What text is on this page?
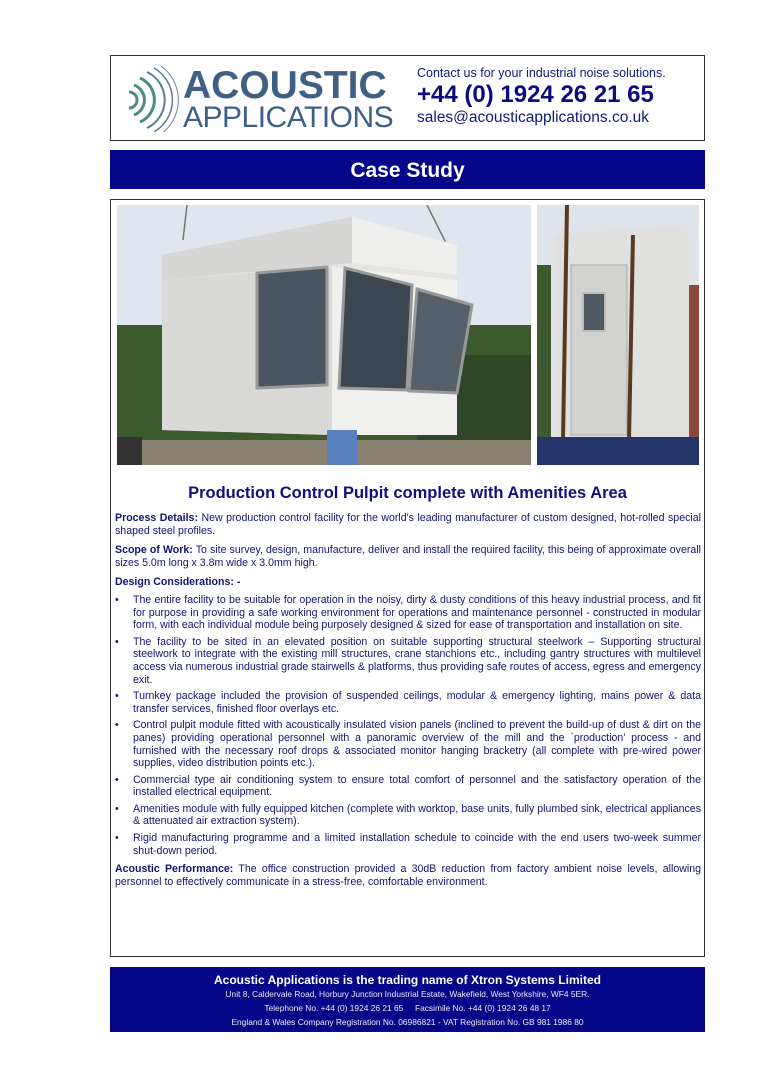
ACOUSTIC
APPLICATIONS
Contact us for your industrial noise solutions.
+44 (0) 1924 26 21 65
sales@acousticapplications.co.uk
Case Study
Production Control Pulpit complete with Amenities Area

Process Details: New production control facility for the world's leading manufacturer of custom designed, hot-rolled special shaped steel profiles.

Scope of Work: To site survey, design, manufacture, deliver and install the required facility, this being of approximate overall sizes 5.0m long x 3.8m wide x 3.0mm high.

Design Considerations: -

• The entire facility to be suitable for operation in the noisy, dirty & dusty conditions of this heavy industrial process, and fit for purpose in providing a safe working environment for operations and maintenance personnel - constructed in modular form, with each individual module being purposely designed & sized for ease of transportation and installation on site.
• The facility to be sited in an elevated position on suitable supporting structural steelwork – Supporting structural steelwork to integrate with the existing mill structures, crane stanchions etc., including gantry structures with multilevel access via numerous industrial grade stairwells & platforms, thus providing safe routes of access, egress and emergency exit.
• Turnkey package included the provision of suspended ceilings, modular & emergency lighting, mains power & data transfer services, finished floor overlays etc.
• Control pulpit module fitted with acoustically insulated vision panels (inclined to prevent the build-up of dust & dirt on the panes) providing operational personnel with a panoramic overview of the mill and the `production' process - and furnished with the necessary roof drops & associated monitor hanging bracketry (all complete with pre-wired power supplies, video distribution points etc.).
• Commercial type air conditioning system to ensure total comfort of personnel and the satisfactory operation of the installed electrical equipment.
• Amenities module with fully equipped kitchen (complete with worktop, base units, fully plumbed sink, electrical appliances & attenuated air extraction system).
• Rigid manufacturing programme and a limited installation schedule to coincide with the end users two-week summer shut-down period.

Acoustic Performance: The office construction provided a 30dB reduction from factory ambient noise levels, allowing personnel to effectively communicate in a stress-free, comfortable environment.

Acoustic Applications is the trading name of Xtron Systems Limited
Unit 8, Caldervale Road, Horbury Junction Industrial Estate, Wakefield, West Yorkshire, WF4 5ER.
Telephone No. +44 (0) 1924 26 21 65     Facsimile No. +44 (0) 1924 26 48 17
England & Wales Company Registration No. 06986821 - VAT Registration No. GB 981 1986 80
